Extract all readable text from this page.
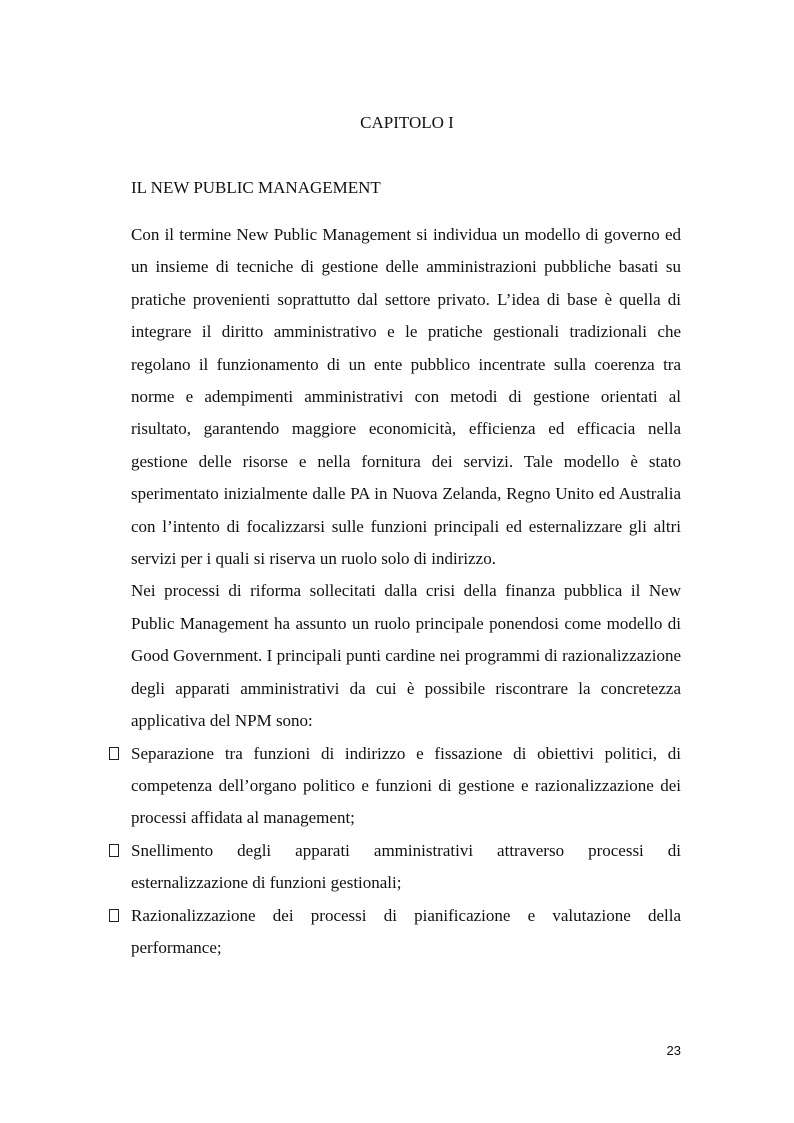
CAPITOLO I
IL NEW PUBLIC MANAGEMENT

Con il termine New Public Management si individua un modello di governo ed un insieme di tecniche di gestione delle amministrazioni pubbliche basati su pratiche provenienti soprattutto dal settore privato. L’idea di base è quella di integrare il diritto amministrativo e le pratiche gestionali tradizionali che regolano il funzionamento di un ente pubblico incentrate sulla coerenza tra norme e adempimenti amministrativi con metodi di gestione orientati al risultato, garantendo maggiore economicità, efficienza ed efficacia nella gestione delle risorse e nella fornitura dei servizi. Tale modello è stato sperimentato inizialmente dalle PA in Nuova Zelanda, Regno Unito ed Australia con l’intento di focalizzarsi sulle funzioni principali ed esternalizzare gli altri servizi per i quali si riserva un ruolo solo di indirizzo.

Nei processi di riforma sollecitati dalla crisi della finanza pubblica il New Public Management ha assunto un ruolo principale ponendosi come modello di Good Government. I principali punti cardine nei programmi di razionalizzazione degli apparati amministrativi da cui è possibile riscontrare la concretezza applicativa del NPM sono:

Separazione tra funzioni di indirizzo e fissazione di obiettivi politici, di competenza dell’organo politico e funzioni di gestione e razionalizzazione dei processi affidata al management;
Snellimento degli apparati amministrativi attraverso processi di esternalizzazione di funzioni gestionali;
Razionalizzazione dei processi di pianificazione e valutazione della performance;
23
